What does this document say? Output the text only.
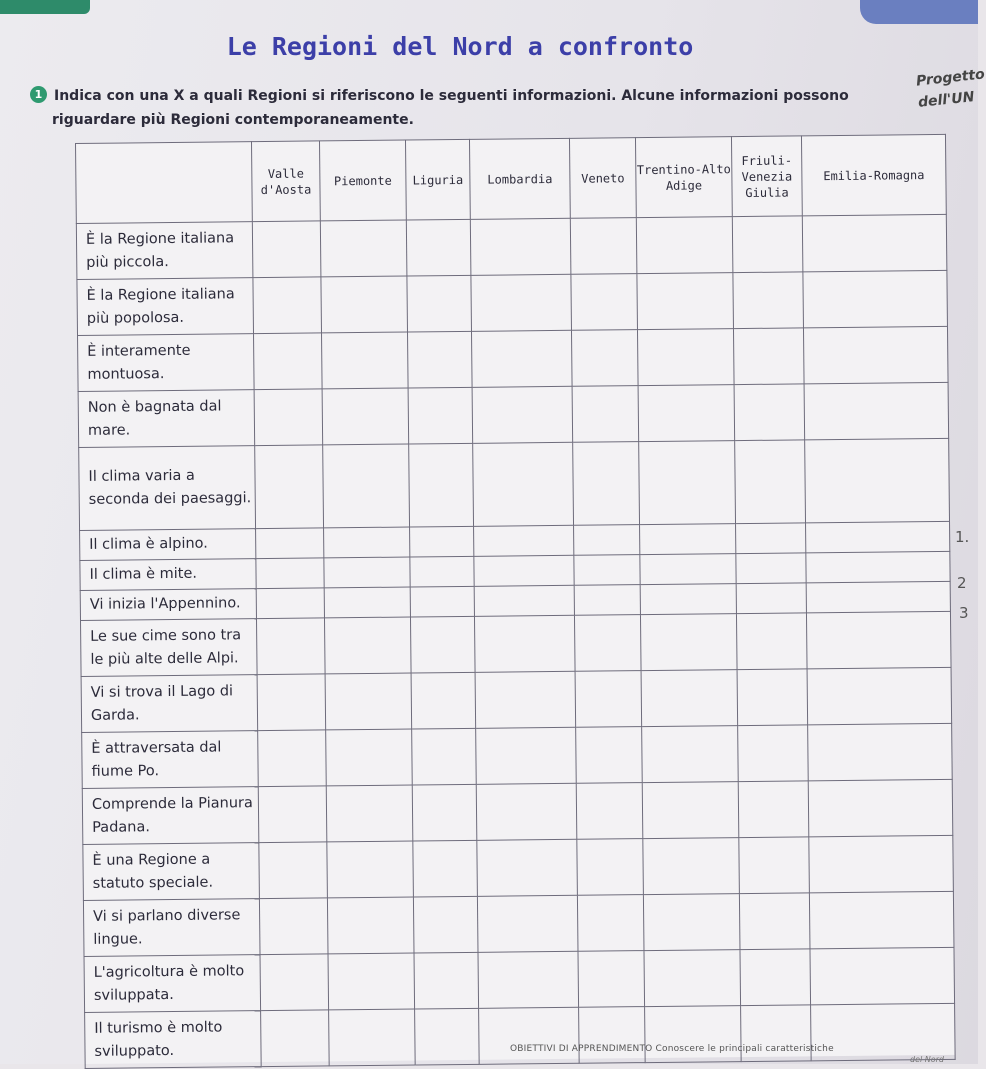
Le Regioni del Nord a confronto
1 Indica con una X a quali Regioni si riferiscono le seguenti informazioni. Alcune informazioni possono
riguardare più Regioni contemporaneamente.
Progetto
dell'UN
1.
2
3
	Valle d'Aosta	Piemonte	Liguria	Lombardia	Veneto	Trentino-Alto Adige	Friuli-Venezia Giulia	Emilia-Romagna
È la Regione italiana più piccola.								
È la Regione italiana più popolosa.								
È interamente montuosa.								
Non è bagnata dal mare.								
Il clima varia a seconda dei paesaggi.								
Il clima è alpino.								
Il clima è mite.								
Vi inizia l'Appennino.								
Le sue cime sono tra le più alte delle Alpi.								
Vi si trova il Lago di Garda.								
È attraversata dal fiume Po.								
Comprende la Pianura Padana.								
È una Regione a statuto speciale.								
Vi si parlano diverse lingue.								
L'agricoltura è molto sviluppata.								
Il turismo è molto sviluppato.									OBIETTIVI DI APPRENDIMENTO Conoscere le principali caratteristiche
del Nord
